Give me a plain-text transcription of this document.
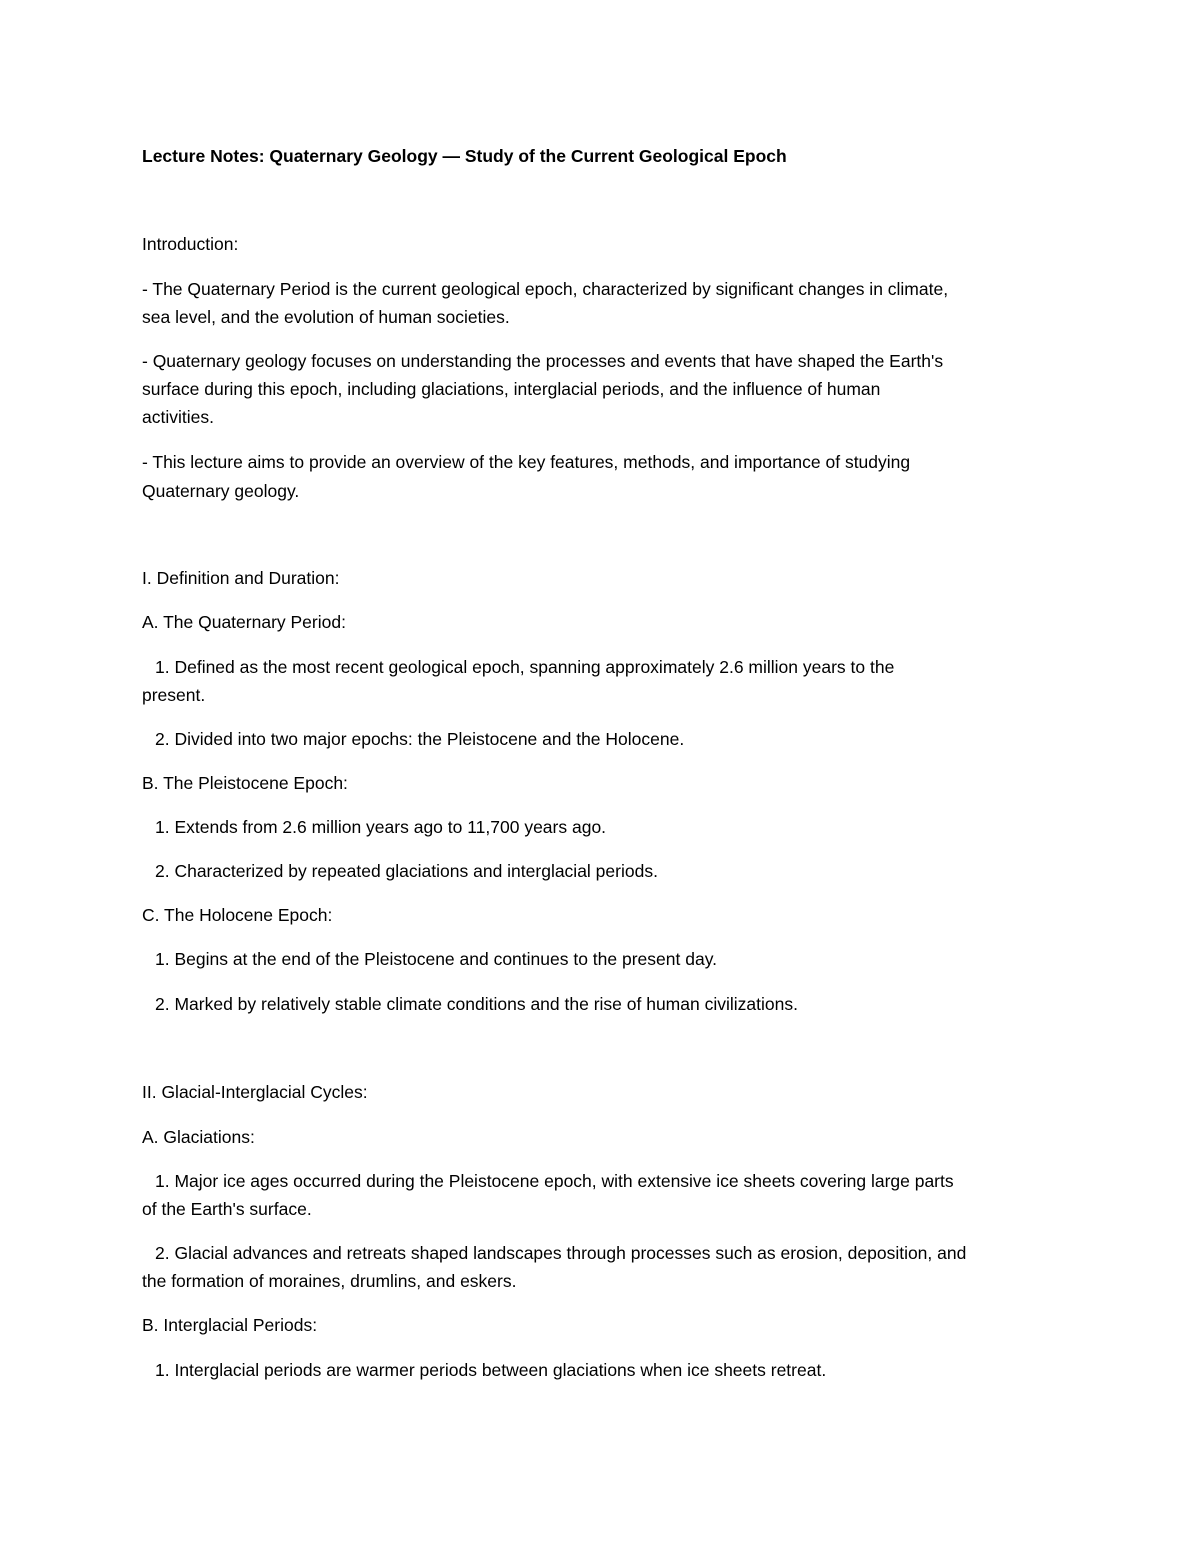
Lecture Notes: Quaternary Geology — Study of the Current Geological Epoch

Introduction:

- The Quaternary Period is the current geological epoch, characterized by significant changes in climate,

sea level, and the evolution of human societies.

- Quaternary geology focuses on understanding the processes and events that have shaped the Earth's

surface during this epoch, including glaciations, interglacial periods, and the influence of human

activities.

- This lecture aims to provide an overview of the key features, methods, and importance of studying

Quaternary geology.

I. Definition and Duration:

A. The Quaternary Period:

1. Defined as the most recent geological epoch, spanning approximately 2.6 million years to the

present.

2. Divided into two major epochs: the Pleistocene and the Holocene.

B. The Pleistocene Epoch:

1. Extends from 2.6 million years ago to 11,700 years ago.

2. Characterized by repeated glaciations and interglacial periods.

C. The Holocene Epoch:

1. Begins at the end of the Pleistocene and continues to the present day.

2. Marked by relatively stable climate conditions and the rise of human civilizations.

II. Glacial-Interglacial Cycles:

A. Glaciations:

1. Major ice ages occurred during the Pleistocene epoch, with extensive ice sheets covering large parts

of the Earth's surface.

2. Glacial advances and retreats shaped landscapes through processes such as erosion, deposition, and

the formation of moraines, drumlins, and eskers.

B. Interglacial Periods:

1. Interglacial periods are warmer periods between glaciations when ice sheets retreat.
